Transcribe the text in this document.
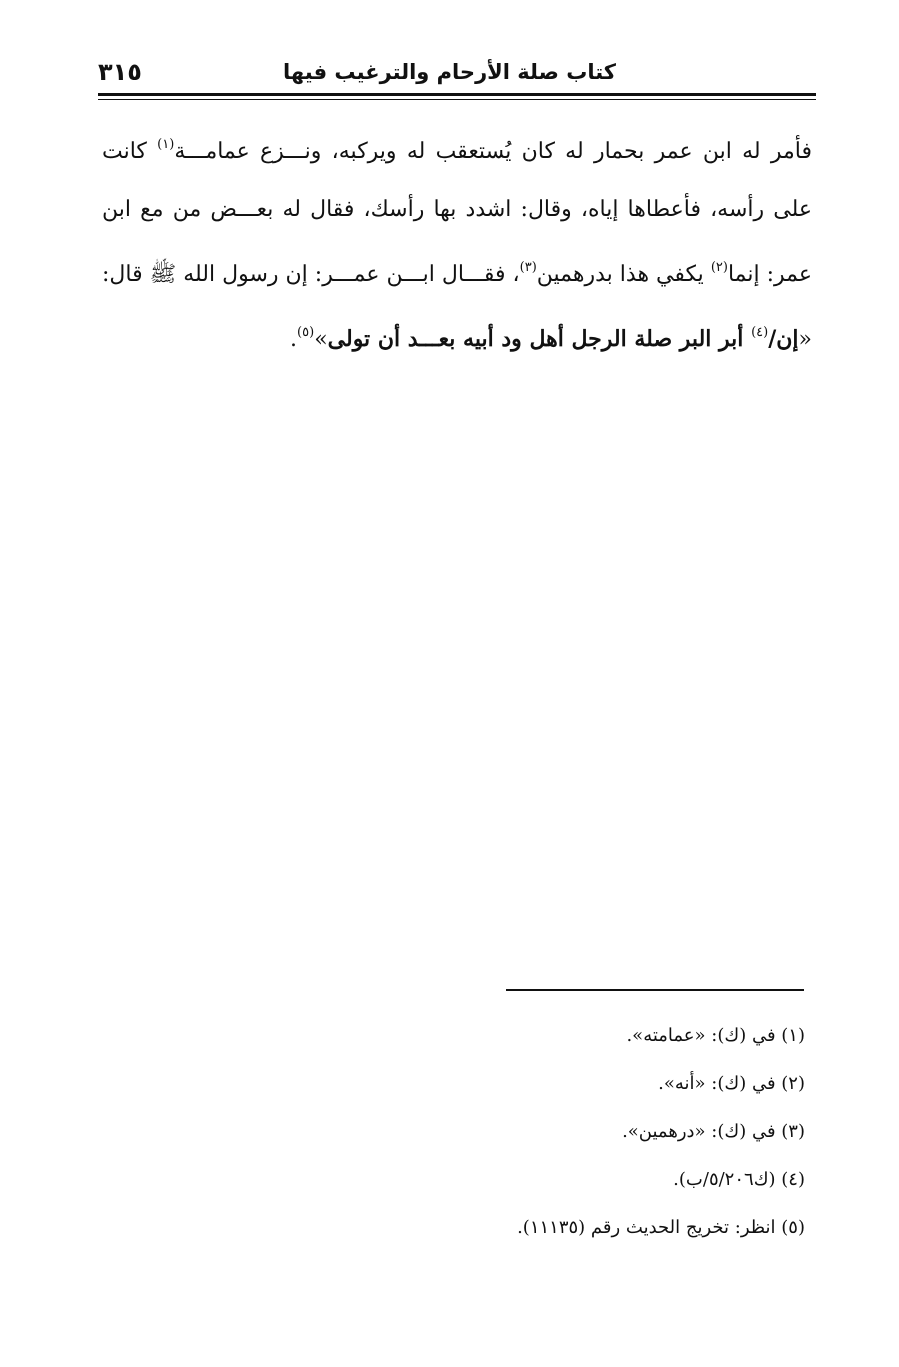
كتاب صلة الأرحام والترغيب فيها
٣١٥

فأمر له ابن عمر بحمار له كان يُستعقب له ويركبه، ونـــزع عمامـــة$^{(١)}$ كانت على رأسه، فأعطاها إياه، وقال: اشدد بها رأسك، فقال له بعـــض من مع ابن عمر: إنما$^{(٢)}$ يكفي هذا بدرهمين$^{(٣)}$، فقـــال ابـــن عمـــر: إن رسول الله ﷺ قال: «إن/$^{(٤)}$ أبر البر صلة الرجل أهل ود أبيه بعـــد أن تولى»$^{(٥)}$.

(١) في (ك): «عمامته».
(٢) في (ك): «أنه».
(٣) في (ك): «درهمين».
(٤) (ك٥/٢٠٦/ب).
(٥) انظر: تخريج الحديث رقم (١١١٣٥).
